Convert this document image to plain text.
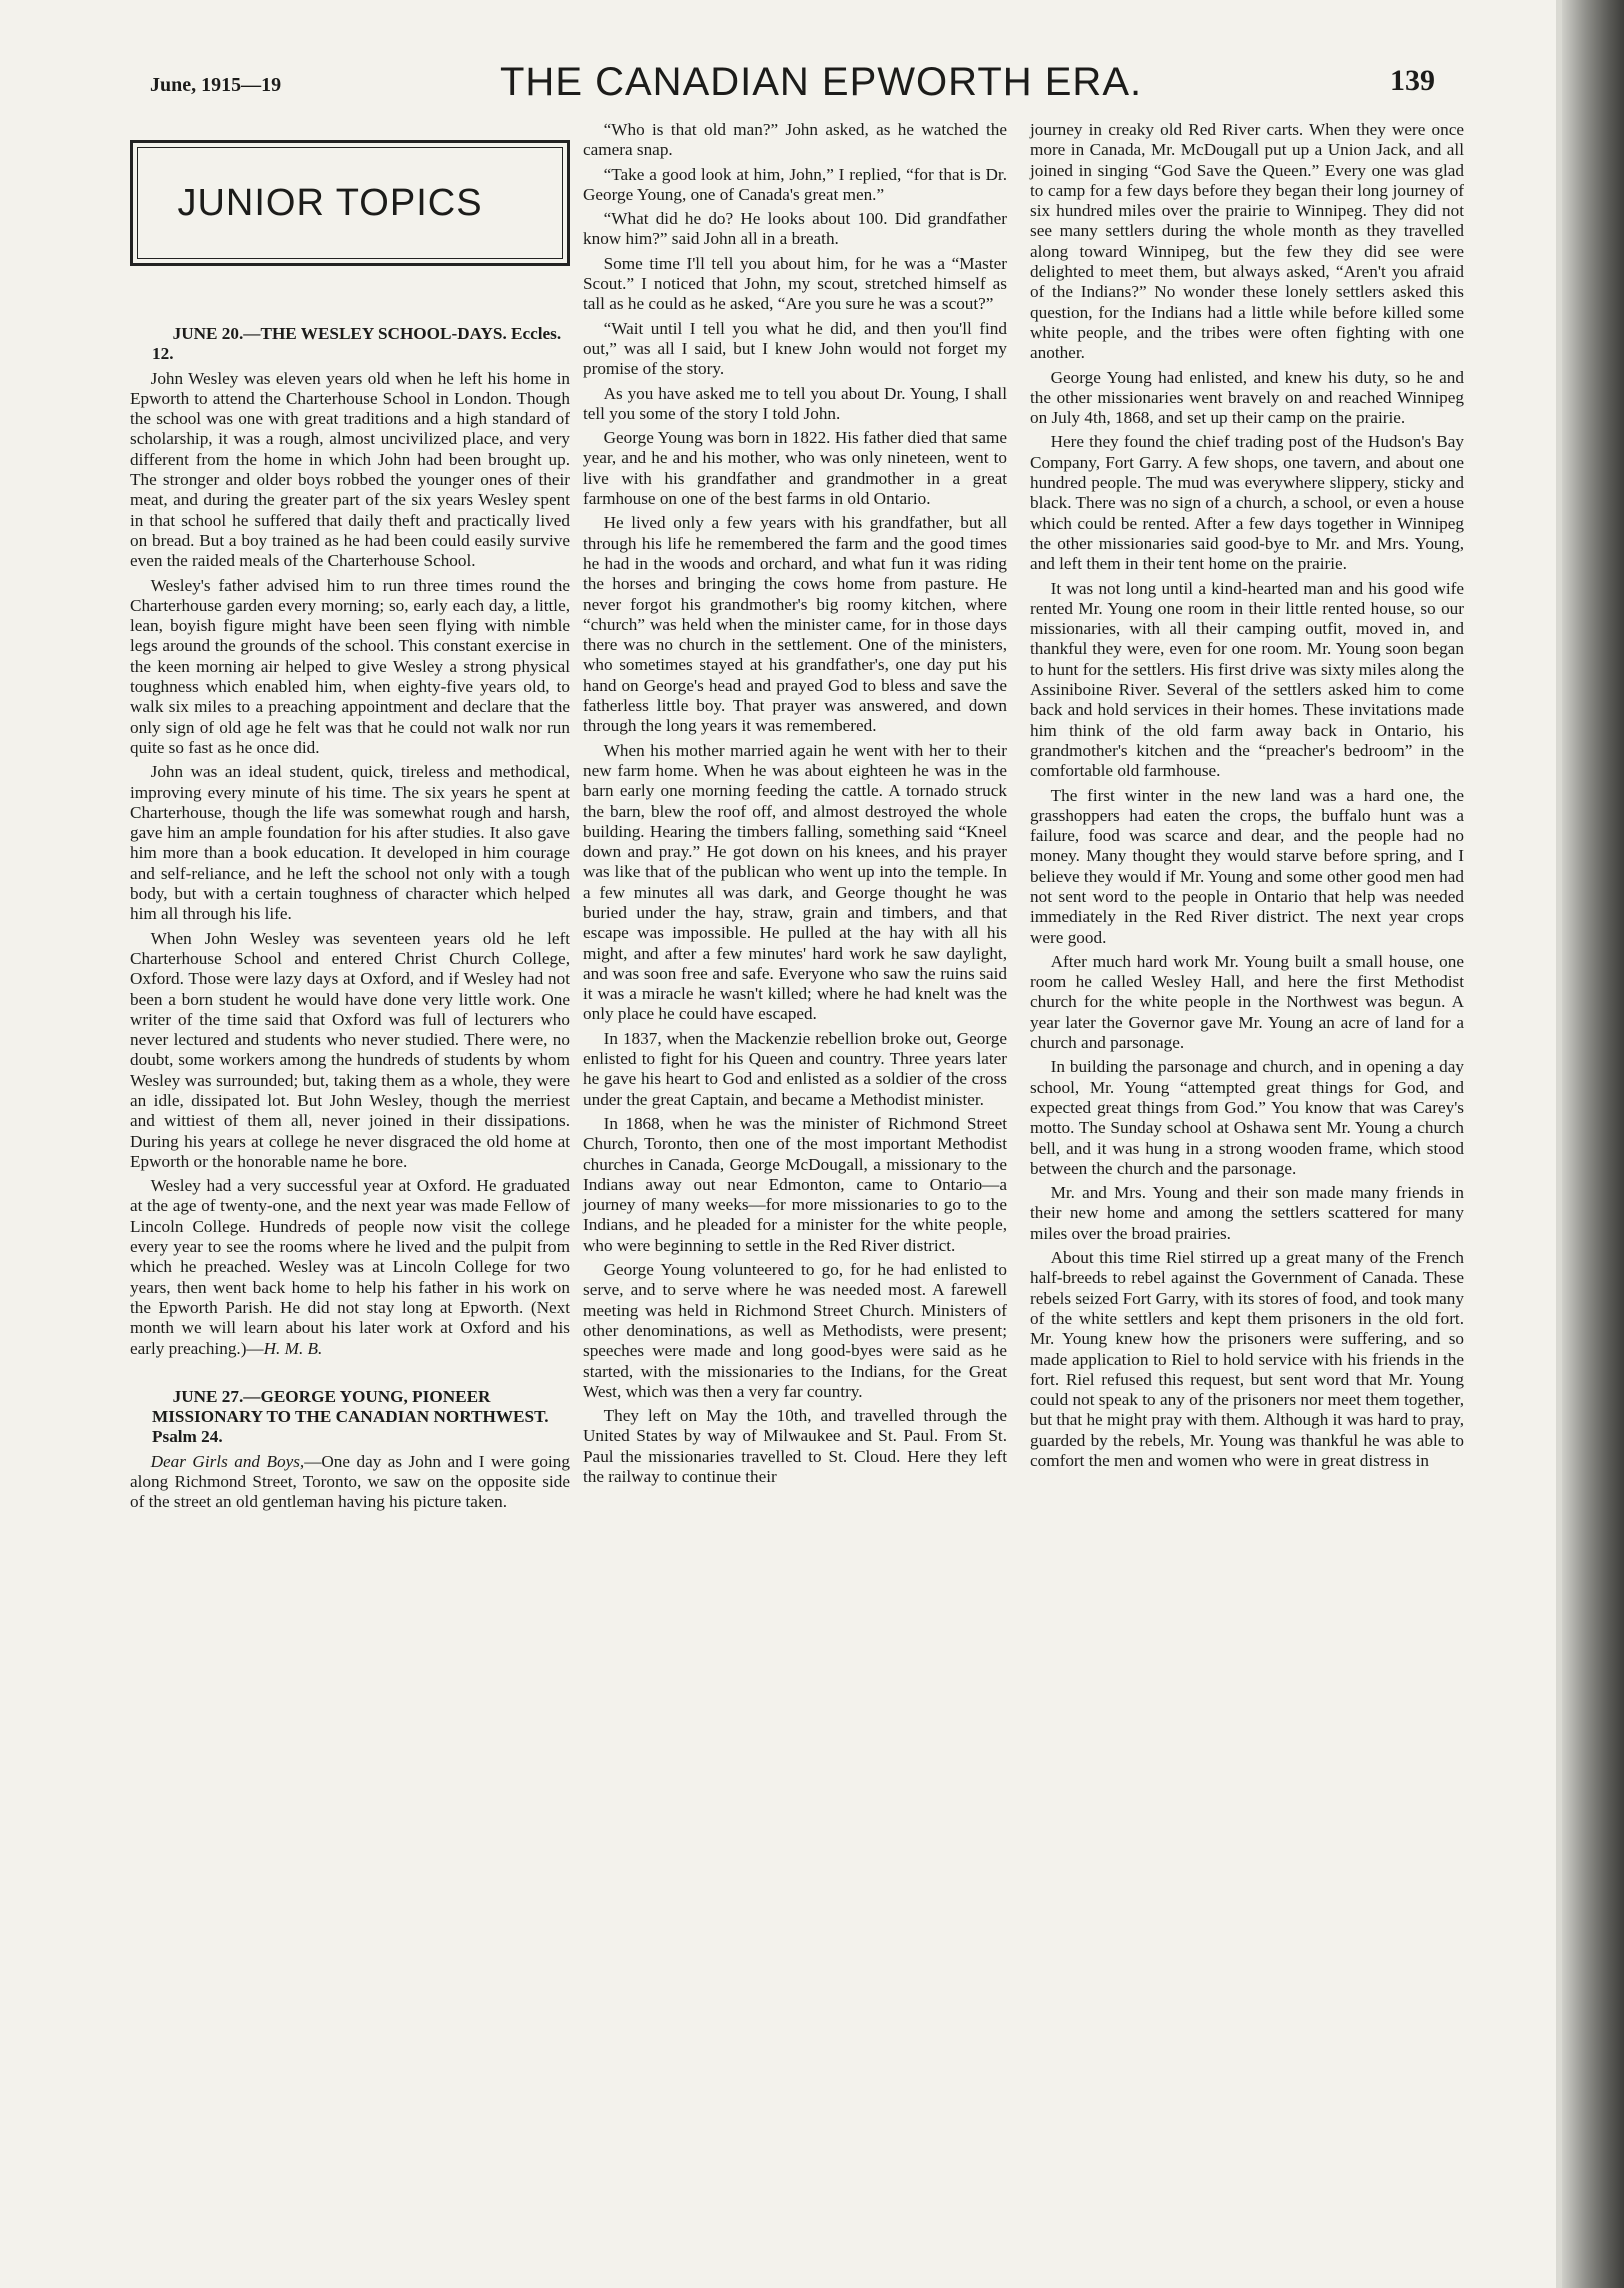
June, 1915—19	THE CANADIAN EPWORTH ERA.	139
JUNIOR TOPICS

JUNE 20.—THE WESLEY SCHOOL-DAYS. Eccles. 12.

John Wesley was eleven years old when he left his home in Epworth to attend the Charterhouse School in London. Though the school was one with great traditions and a high standard of scholarship, it was a rough, almost uncivilized place, and very different from the home in which John had been brought up. The stronger and older boys robbed the younger ones of their meat, and during the greater part of the six years Wesley spent in that school he suffered that daily theft and practically lived on bread. But a boy trained as he had been could easily survive even the raided meals of the Charterhouse School.

Wesley's father advised him to run three times round the Charterhouse garden every morning; so, early each day, a little, lean, boyish figure might have been seen flying with nimble legs around the grounds of the school. This constant exercise in the keen morning air helped to give Wesley a strong physical toughness which enabled him, when eighty-five years old, to walk six miles to a preaching appointment and declare that the only sign of old age he felt was that he could not walk nor run quite so fast as he once did.

John was an ideal student, quick, tireless and methodical, improving every minute of his time. The six years he spent at Charterhouse, though the life was somewhat rough and harsh, gave him an ample foundation for his after studies. It also gave him more than a book education. It developed in him courage and self-reliance, and he left the school not only with a tough body, but with a certain toughness of character which helped him all through his life.

When John Wesley was seventeen years old he left Charterhouse School and entered Christ Church College, Oxford. Those were lazy days at Oxford, and if Wesley had not been a born student he would have done very little work. One writer of the time said that Oxford was full of lecturers who never lectured and students who never studied. There were, no doubt, some workers among the hundreds of students by whom Wesley was surrounded; but, taking them as a whole, they were an idle, dissipated lot. But John Wesley, though the merriest and wittiest of them all, never joined in their dissipations. During his years at college he never disgraced the old home at Epworth or the honorable name he bore.

Wesley had a very successful year at Oxford. He graduated at the age of twenty-one, and the next year was made Fellow of Lincoln College. Hundreds of people now visit the college every year to see the rooms where he lived and the pulpit from which he preached. Wesley was at Lincoln College for two years, then went back home to help his father in his work on the Epworth Parish. He did not stay long at Epworth. (Next month we will learn about his later work at Oxford and his early preaching.)—H. M. B.

JUNE 27.—GEORGE YOUNG, PIONEER MISSIONARY TO THE CANADIAN NORTHWEST. Psalm 24.

Dear Girls and Boys,—One day as John and I were going along Richmond Street, Toronto, we saw on the opposite side of the street an old gentleman having his picture taken.

“Who is that old man?” John asked, as he watched the camera snap.

“Take a good look at him, John,” I replied, “for that is Dr. George Young, one of Canada's great men.”

“What did he do? He looks about 100. Did grandfather know him?” said John all in a breath.

Some time I'll tell you about him, for he was a “Master Scout.” I noticed that John, my scout, stretched himself as tall as he could as he asked, “Are you sure he was a scout?”

“Wait until I tell you what he did, and then you'll find out,” was all I said, but I knew John would not forget my promise of the story.

As you have asked me to tell you about Dr. Young, I shall tell you some of the story I told John.

George Young was born in 1822. His father died that same year, and he and his mother, who was only nineteen, went to live with his grandfather and grandmother in a great farmhouse on one of the best farms in old Ontario.

He lived only a few years with his grandfather, but all through his life he remembered the farm and the good times he had in the woods and orchard, and what fun it was riding the horses and bringing the cows home from pasture. He never forgot his grandmother's big roomy kitchen, where “church” was held when the minister came, for in those days there was no church in the settlement. One of the ministers, who sometimes stayed at his grandfather's, one day put his hand on George's head and prayed God to bless and save the fatherless little boy. That prayer was answered, and down through the long years it was remembered.

When his mother married again he went with her to their new farm home. When he was about eighteen he was in the barn early one morning feeding the cattle. A tornado struck the barn, blew the roof off, and almost destroyed the whole building. Hearing the timbers falling, something said “Kneel down and pray.” He got down on his knees, and his prayer was like that of the publican who went up into the temple. In a few minutes all was dark, and George thought he was buried under the hay, straw, grain and timbers, and that escape was impossible. He pulled at the hay with all his might, and after a few minutes' hard work he saw daylight, and was soon free and safe. Everyone who saw the ruins said it was a miracle he wasn't killed; where he had knelt was the only place he could have escaped.

In 1837, when the Mackenzie rebellion broke out, George enlisted to fight for his Queen and country. Three years later he gave his heart to God and enlisted as a soldier of the cross under the great Captain, and became a Methodist minister.

In 1868, when he was the minister of Richmond Street Church, Toronto, then one of the most important Methodist churches in Canada, George McDougall, a missionary to the Indians away out near Edmonton, came to Ontario—a journey of many weeks—for more missionaries to go to the Indians, and he pleaded for a minister for the white people, who were beginning to settle in the Red River district.

George Young volunteered to go, for he had enlisted to serve, and to serve where he was needed most. A farewell meeting was held in Richmond Street Church. Ministers of other denominations, as well as Methodists, were present; speeches were made and long good-byes were said as he started, with the missionaries to the Indians, for the Great West, which was then a very far country.

They left on May the 10th, and travelled through the United States by way of Milwaukee and St. Paul. From St. Paul the missionaries travelled to St. Cloud. Here they left the railway to continue their

journey in creaky old Red River carts. When they were once more in Canada, Mr. McDougall put up a Union Jack, and all joined in singing “God Save the Queen.” Every one was glad to camp for a few days before they began their long journey of six hundred miles over the prairie to Winnipeg. They did not see many settlers during the whole month as they travelled along toward Winnipeg, but the few they did see were delighted to meet them, but always asked, “Aren't you afraid of the Indians?” No wonder these lonely settlers asked this question, for the Indians had a little while before killed some white people, and the tribes were often fighting with one another.

George Young had enlisted, and knew his duty, so he and the other missionaries went bravely on and reached Winnipeg on July 4th, 1868, and set up their camp on the prairie.

Here they found the chief trading post of the Hudson's Bay Company, Fort Garry. A few shops, one tavern, and about one hundred people. The mud was everywhere slippery, sticky and black. There was no sign of a church, a school, or even a house which could be rented. After a few days together in Winnipeg the other missionaries said good-bye to Mr. and Mrs. Young, and left them in their tent home on the prairie.

It was not long until a kind-hearted man and his good wife rented Mr. Young one room in their little rented house, so our missionaries, with all their camping outfit, moved in, and thankful they were, even for one room. Mr. Young soon began to hunt for the settlers. His first drive was sixty miles along the Assiniboine River. Several of the settlers asked him to come back and hold services in their homes. These invitations made him think of the old farm away back in Ontario, his grandmother's kitchen and the “preacher's bedroom” in the comfortable old farmhouse.

The first winter in the new land was a hard one, the grasshoppers had eaten the crops, the buffalo hunt was a failure, food was scarce and dear, and the people had no money. Many thought they would starve before spring, and I believe they would if Mr. Young and some other good men had not sent word to the people in Ontario that help was needed immediately in the Red River district. The next year crops were good.

After much hard work Mr. Young built a small house, one room he called Wesley Hall, and here the first Methodist church for the white people in the Northwest was begun. A year later the Governor gave Mr. Young an acre of land for a church and parsonage.

In building the parsonage and church, and in opening a day school, Mr. Young “attempted great things for God, and expected great things from God.” You know that was Carey's motto. The Sunday school at Oshawa sent Mr. Young a church bell, and it was hung in a strong wooden frame, which stood between the church and the parsonage.

Mr. and Mrs. Young and their son made many friends in their new home and among the settlers scattered for many miles over the broad prairies.

About this time Riel stirred up a great many of the French half-breeds to rebel against the Government of Canada. These rebels seized Fort Garry, with its stores of food, and took many of the white settlers and kept them prisoners in the old fort. Mr. Young knew how the prisoners were suffering, and so made application to Riel to hold service with his friends in the fort. Riel refused this request, but sent word that Mr. Young could not speak to any of the prisoners nor meet them together, but that he might pray with them. Although it was hard to pray, guarded by the rebels, Mr. Young was thankful he was able to comfort the men and women who were in great distress in
